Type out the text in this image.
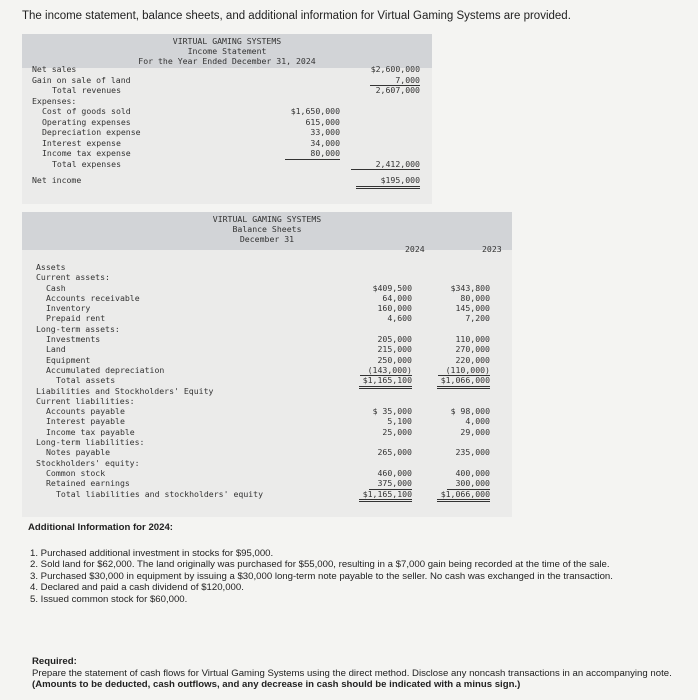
The income statement, balance sheets, and additional information for Virtual Gaming Systems are provided.
VIRTUAL GAMING SYSTEMS
Income Statement
For the Year Ended December 31, 2024
Net sales	$2,600,000
Gain on sale of land	7,000
Total revenues	2,607,000
Expenses:
Cost of goods sold	$1,650,000
Operating expenses	615,000
Depreciation expense	33,000
Interest expense	34,000
Income tax expense	80,000
Total expenses	2,412,000
Net income	$195,000
VIRTUAL GAMING SYSTEMS
Balance Sheets
December 31
2024	2023
Assets
Current assets:
Cash	$409,500	$343,800
Accounts receivable	64,000	80,000
Inventory	160,000	145,000
Prepaid rent	4,600	7,200
Long-term assets:
Investments	205,000	110,000
Land	215,000	270,000
Equipment	250,000	220,000
Accumulated depreciation	(143,000)	(110,000)
Total assets	$1,165,100	$1,066,000
Liabilities and Stockholders' Equity
Current liabilities:
Accounts payable	$ 35,000	$ 98,000
Interest payable	5,100	4,000
Income tax payable	25,000	29,000
Long-term liabilities:
Notes payable	265,000	235,000
Stockholders' equity:
Common stock	460,000	400,000
Retained earnings	375,000	300,000
Total liabilities and stockholders' equity	$1,165,100	$1,066,000
Additional Information for 2024:
1. Purchased additional investment in stocks for $95,000.
2. Sold land for $62,000. The land originally was purchased for $55,000, resulting in a $7,000 gain being recorded at the time of the sale.
3. Purchased $30,000 in equipment by issuing a $30,000 long-term note payable to the seller. No cash was exchanged in the transaction.
4. Declared and paid a cash dividend of $120,000.
5. Issued common stock for $60,000.
Required:
Prepare the statement of cash flows for Virtual Gaming Systems using the direct method. Disclose any noncash transactions in an accompanying note. (Amounts to be deducted, cash outflows, and any decrease in cash should be indicated with a minus sign.)
